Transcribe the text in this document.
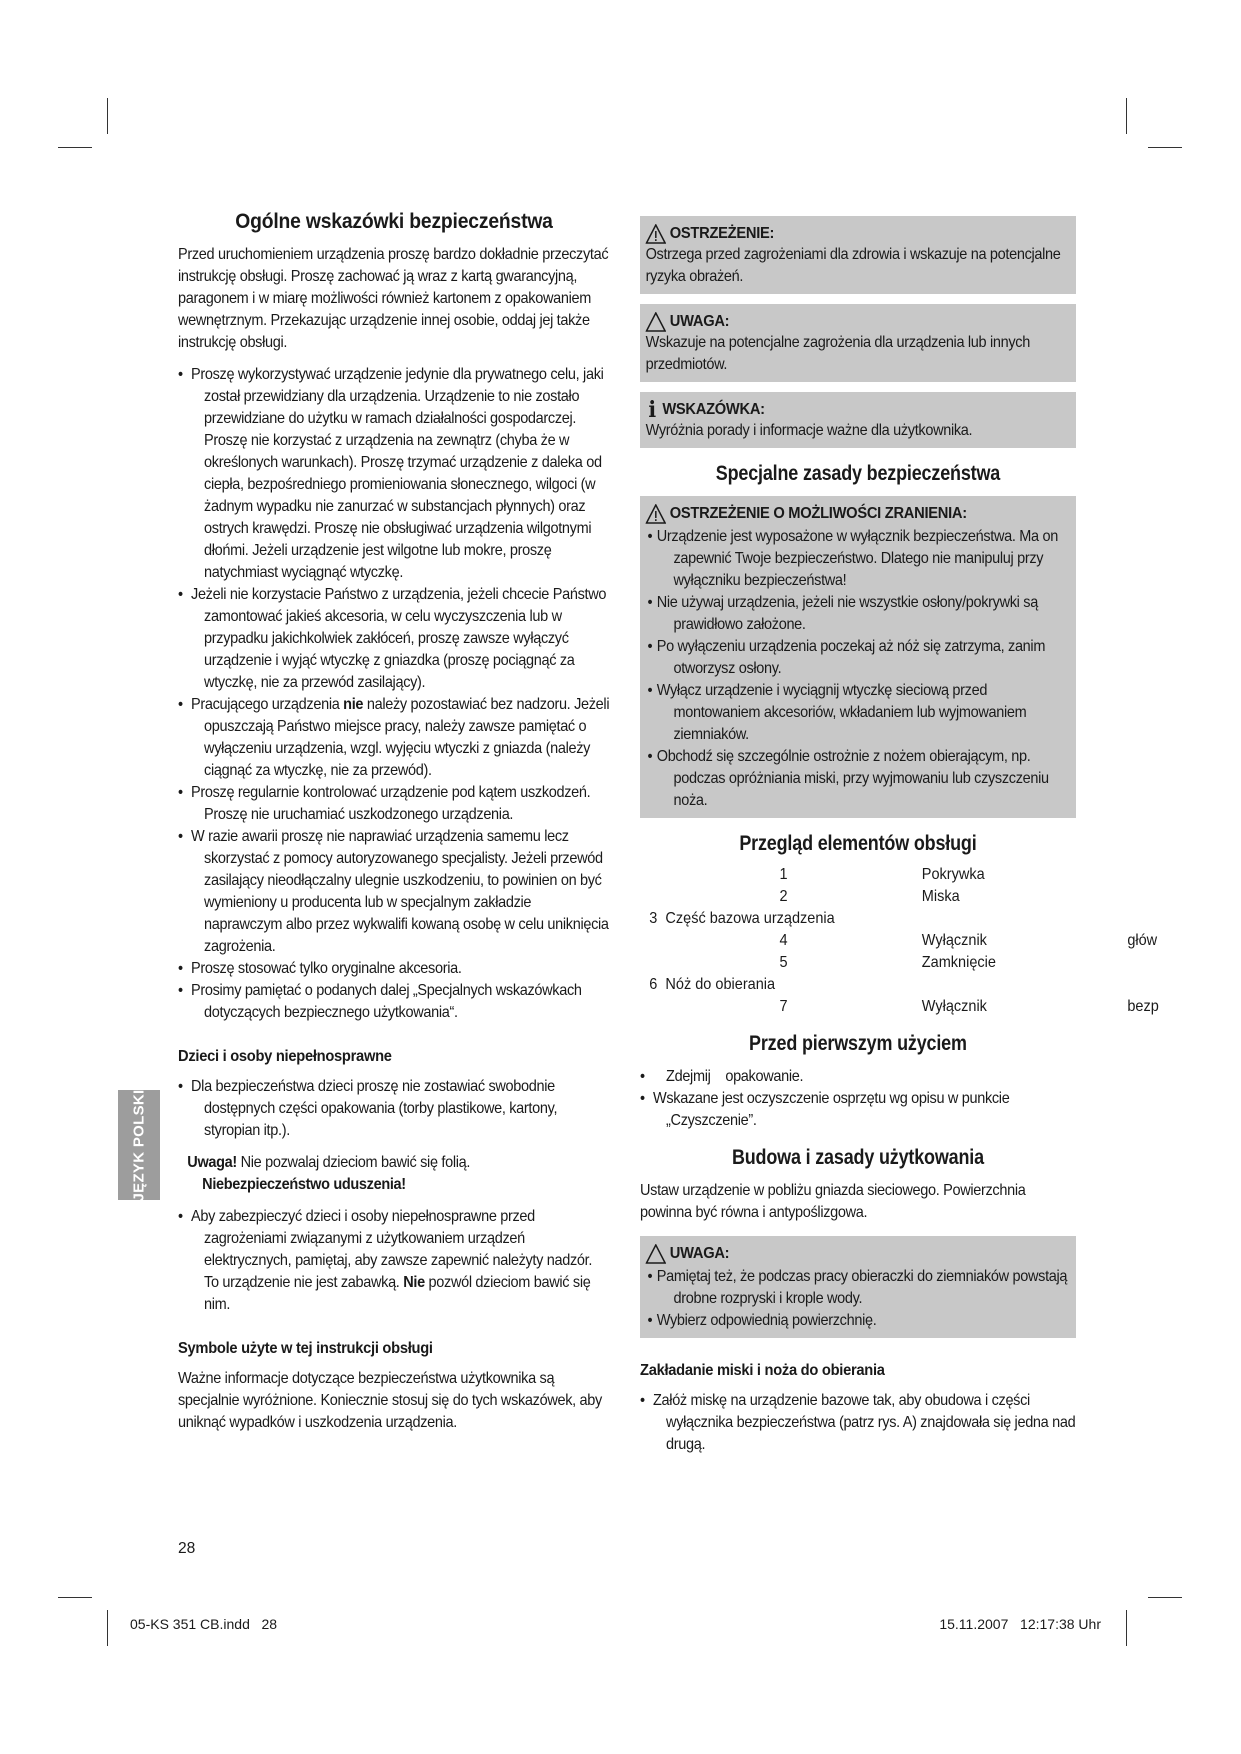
Ogólne wskazówki bezpieczeństwa

Przed uruchomieniem urządzenia proszę bardzo dokładnie przeczytać instrukcję obsługi. Proszę zachować ją wraz z kartą gwarancyjną, paragonem i w miarę możliwości również kartonem z opakowaniem wewnętrznym. Przekazując urządzenie innej osobie, oddaj jej także instrukcję obsługi.

• Proszę wykorzystywać urządzenie jedynie dla prywatnego celu, jaki został przewidziany dla urządzenia. Urządzenie to nie zostało przewidziane do użytku w ramach działalności gospodarczej. Proszę nie korzystać z urządzenia na zewnątrz (chyba że w określonych warunkach). Proszę trzymać urządzenie z daleka od ciepła, bezpośredniego promieniowania słonecznego, wilgoci (w żadnym wypadku nie zanurzać w substancjach płynnych) oraz ostrych krawędzi. Proszę nie obsługiwać urządzenia wilgotnymi dłońmi. Jeżeli urządzenie jest wilgotne lub mokre, proszę natychmiast wyciągnąć wtyczkę.
• Jeżeli nie korzystacie Państwo z urządzenia, jeżeli chcecie Państwo zamontować jakieś akcesoria, w celu wyczyszczenia lub w przypadku jakichkolwiek zakłóceń, proszę zawsze wyłączyć urządzenie i wyjąć wtyczkę z gniazdka (proszę pociągnąć za wtyczkę, nie za przewód zasilający).
• Pracującego urządzenia nie należy pozostawiać bez nadzoru. Jeżeli opuszczają Państwo miejsce pracy, należy zawsze pamiętać o wyłączeniu urządzenia, wzgl. wyjęciu wtyczki z gniazda (należy ciągnąć za wtyczkę, nie za przewód).
• Proszę regularnie kontrolować urządzenie pod kątem uszkodzeń. Proszę nie uruchamiać uszkodzonego urządzenia.
• W razie awarii proszę nie naprawiać urządzenia samemu lecz skorzystać z pomocy autoryzowanego specjalisty. Jeżeli przewód zasilający nieodłączalny ulegnie uszkodzeniu, to powinien on być wymieniony u producenta lub w specjalnym zakładzie naprawczym albo przez wykwalifi kowaną osobę w celu uniknięcia zagrożenia.
• Proszę stosować tylko oryginalne akcesoria.
• Prosimy pamiętać o podanych dalej „Specjalnych wskazówkach dotyczących bezpiecznego użytkowania“.
Dzieci i osoby niepełnosprawne
• Dla bezpieczeństwa dzieci proszę nie zostawiać swobodnie dostępnych części opakowania (torby plastikowe, kartony, styropian itp.).

Uwaga! Nie pozwalaj dzieciom bawić się folią.

Niebezpieczeństwo uduszenia!

• Aby zabezpieczyć dzieci i osoby niepełnosprawne przed zagrożeniami związanymi z użytkowaniem urządzeń elektrycznych, pamiętaj, aby zawsze zapewnić należyty nadzór. To urządzenie nie jest zabawką. Nie pozwól dzieciom bawić się nim.
Symbole użyte w tej instrukcji obsługi

Ważne informacje dotyczące bezpieczeństwa użytkownika są specjalnie wyróżnione. Koniecznie stosuj się do tych wskazówek, aby uniknąć wypadków i uszkodzenia urządzenia.

OSTRZEŻENIE:

Ostrzega przed zagrożeniami dla zdrowia i wskazuje na potencjalne ryzyka obrażeń.

UWAGA:

Wskazuje na potencjalne zagrożenia dla urządzenia lub innych przedmiotów.

i WSKAZÓWKA:

Wyróżnia porady i informacje ważne dla użytkownika.

Specjalne zasady bezpieczeństwa
OSTRZEŻENIE O MOŻLIWOŚCI ZRANIENIA:
• Urządzenie jest wyposażone w wyłącznik bezpieczeństwa. Ma on zapewnić Twoje bezpieczeństwo. Dlatego nie manipuluj przy wyłączniku bezpieczeństwa!
• Nie używaj urządzenia, jeżeli nie wszystkie osłony/pokrywki są prawidłowo założone.
• Po wyłączeniu urządzenia poczekaj aż nóż się zatrzyma, zanim otworzysz osłony.
• Wyłącz urządzenie i wyciągnij wtyczkę sieciową przed montowaniem akcesoriów, wkładaniem lub wyjmowaniem ziemniaków.
• Obchodź się szczególnie ostrożnie z nożem obierającym, np. podczas opróżniania miski, przy wyjmowaniu lub czyszczeniu noża.
Przegląd elementów obsługi
1	Pokrywka
2	Miska
3  Część bazowa urządzenia
4	Wyłącznik	głów
5	Zamknięcie
6  Nóż do obierania
7	Wyłącznik	bezp
Przed pierwszym użyciem
• Zdejmij opakowanie.
• Wskazane jest oczyszczenie osprzętu wg opisu w punkcie „Czyszczenie”.
Budowa i zasady użytkowania

Ustaw urządzenie w pobliżu gniazda sieciowego. Powierzchnia powinna być równa i antypoślizgowa.

UWAGA:
• Pamiętaj też, że podczas pracy obieraczki do ziemniaków powstają drobne rozpryski i krople wody.
• Wybierz odpowiednią powierzchnię.
Zakładanie miski i noża do obierania
• Załóż miskę na urządzenie bazowe tak, aby obudowa i części wyłącznika bezpieczeństwa (patrz rys. A) znajdowała się jedna nad drugą.
JĘZYK POLSKI
28
05-KS 351 CB.indd   28	15.11.2007   12:17:38 Uhr
